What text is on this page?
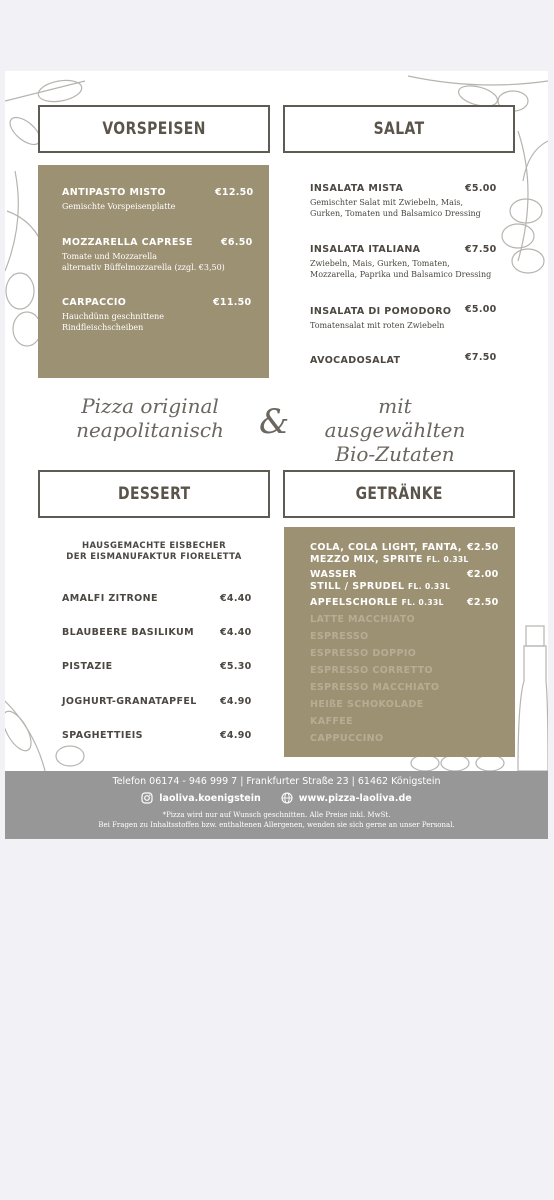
VORSPEISEN	SALAT
ANTIPASTO MISTO
Gemischte Vorspeisenplatte
€12.50
MOZZARELLA CAPRESE
Tomate und Mozzarella
alternativ Büffelmozzarella (zzgl. €3,50)
€6.50
CARPACCIO
Hauchdünn geschnittene
Rindfleischscheiben
€11.50
INSALATA MISTA
Gemischter Salat mit Zwiebeln, Mais,
Gurken, Tomaten und Balsamico Dressing
€5.00
INSALATA ITALIANA
Zwiebeln, Mais, Gurken, Tomaten,
Mozzarella, Paprika und Balsamico Dressing
€7.50
INSALATA DI POMODORO
Tomatensalat mit roten Zwiebeln
€5.00
AVOCADOSALAT	€7.50
Pizza original
neapolitanisch	&	mit ausgewählten
Bio-Zutaten
DESSERT	GETRÄNKE
HAUSGEMACHTE EISBECHER
DER EISMANUFAKTUR FIORELETTA
AMALFI ZITRONE	€4.40
BLAUBEERE BASILIKUM	€4.40
PISTAZIE	€5.30
JOGHURT-GRANATAPFEL €4.90
SPAGHETTIEIS	€4.90
COLA, COLA LIGHT, FANTA,
MEZZO MIX, SPRITE FL. 0.33L
€2.50
WASSER
STILL / SPRUDEL FL. 0.33L
€2.00
APFELSCHORLE FL. 0.33L €2.50
LATTE MACCHIATO
ESPRESSO
ESPRESSO DOPPIO
ESPRESSO CORRETTO
ESPRESSO MACCHIATO
HEIßE SCHOKOLADE
KAFFEE
CAPPUCCINO
Telefon 06174 - 946 999 7 | Frankfurter Straße 23 | 61462 Königstein
laoliva.koenigstein	www.pizza-laoliva.de
*Pizza wird nur auf Wunsch geschnitten. Alle Preise inkl. MwSt.
Bei Fragen zu Inhaltsstoffen bzw. enthaltenen Allergenen, wenden sie sich gerne an unser Personal.
